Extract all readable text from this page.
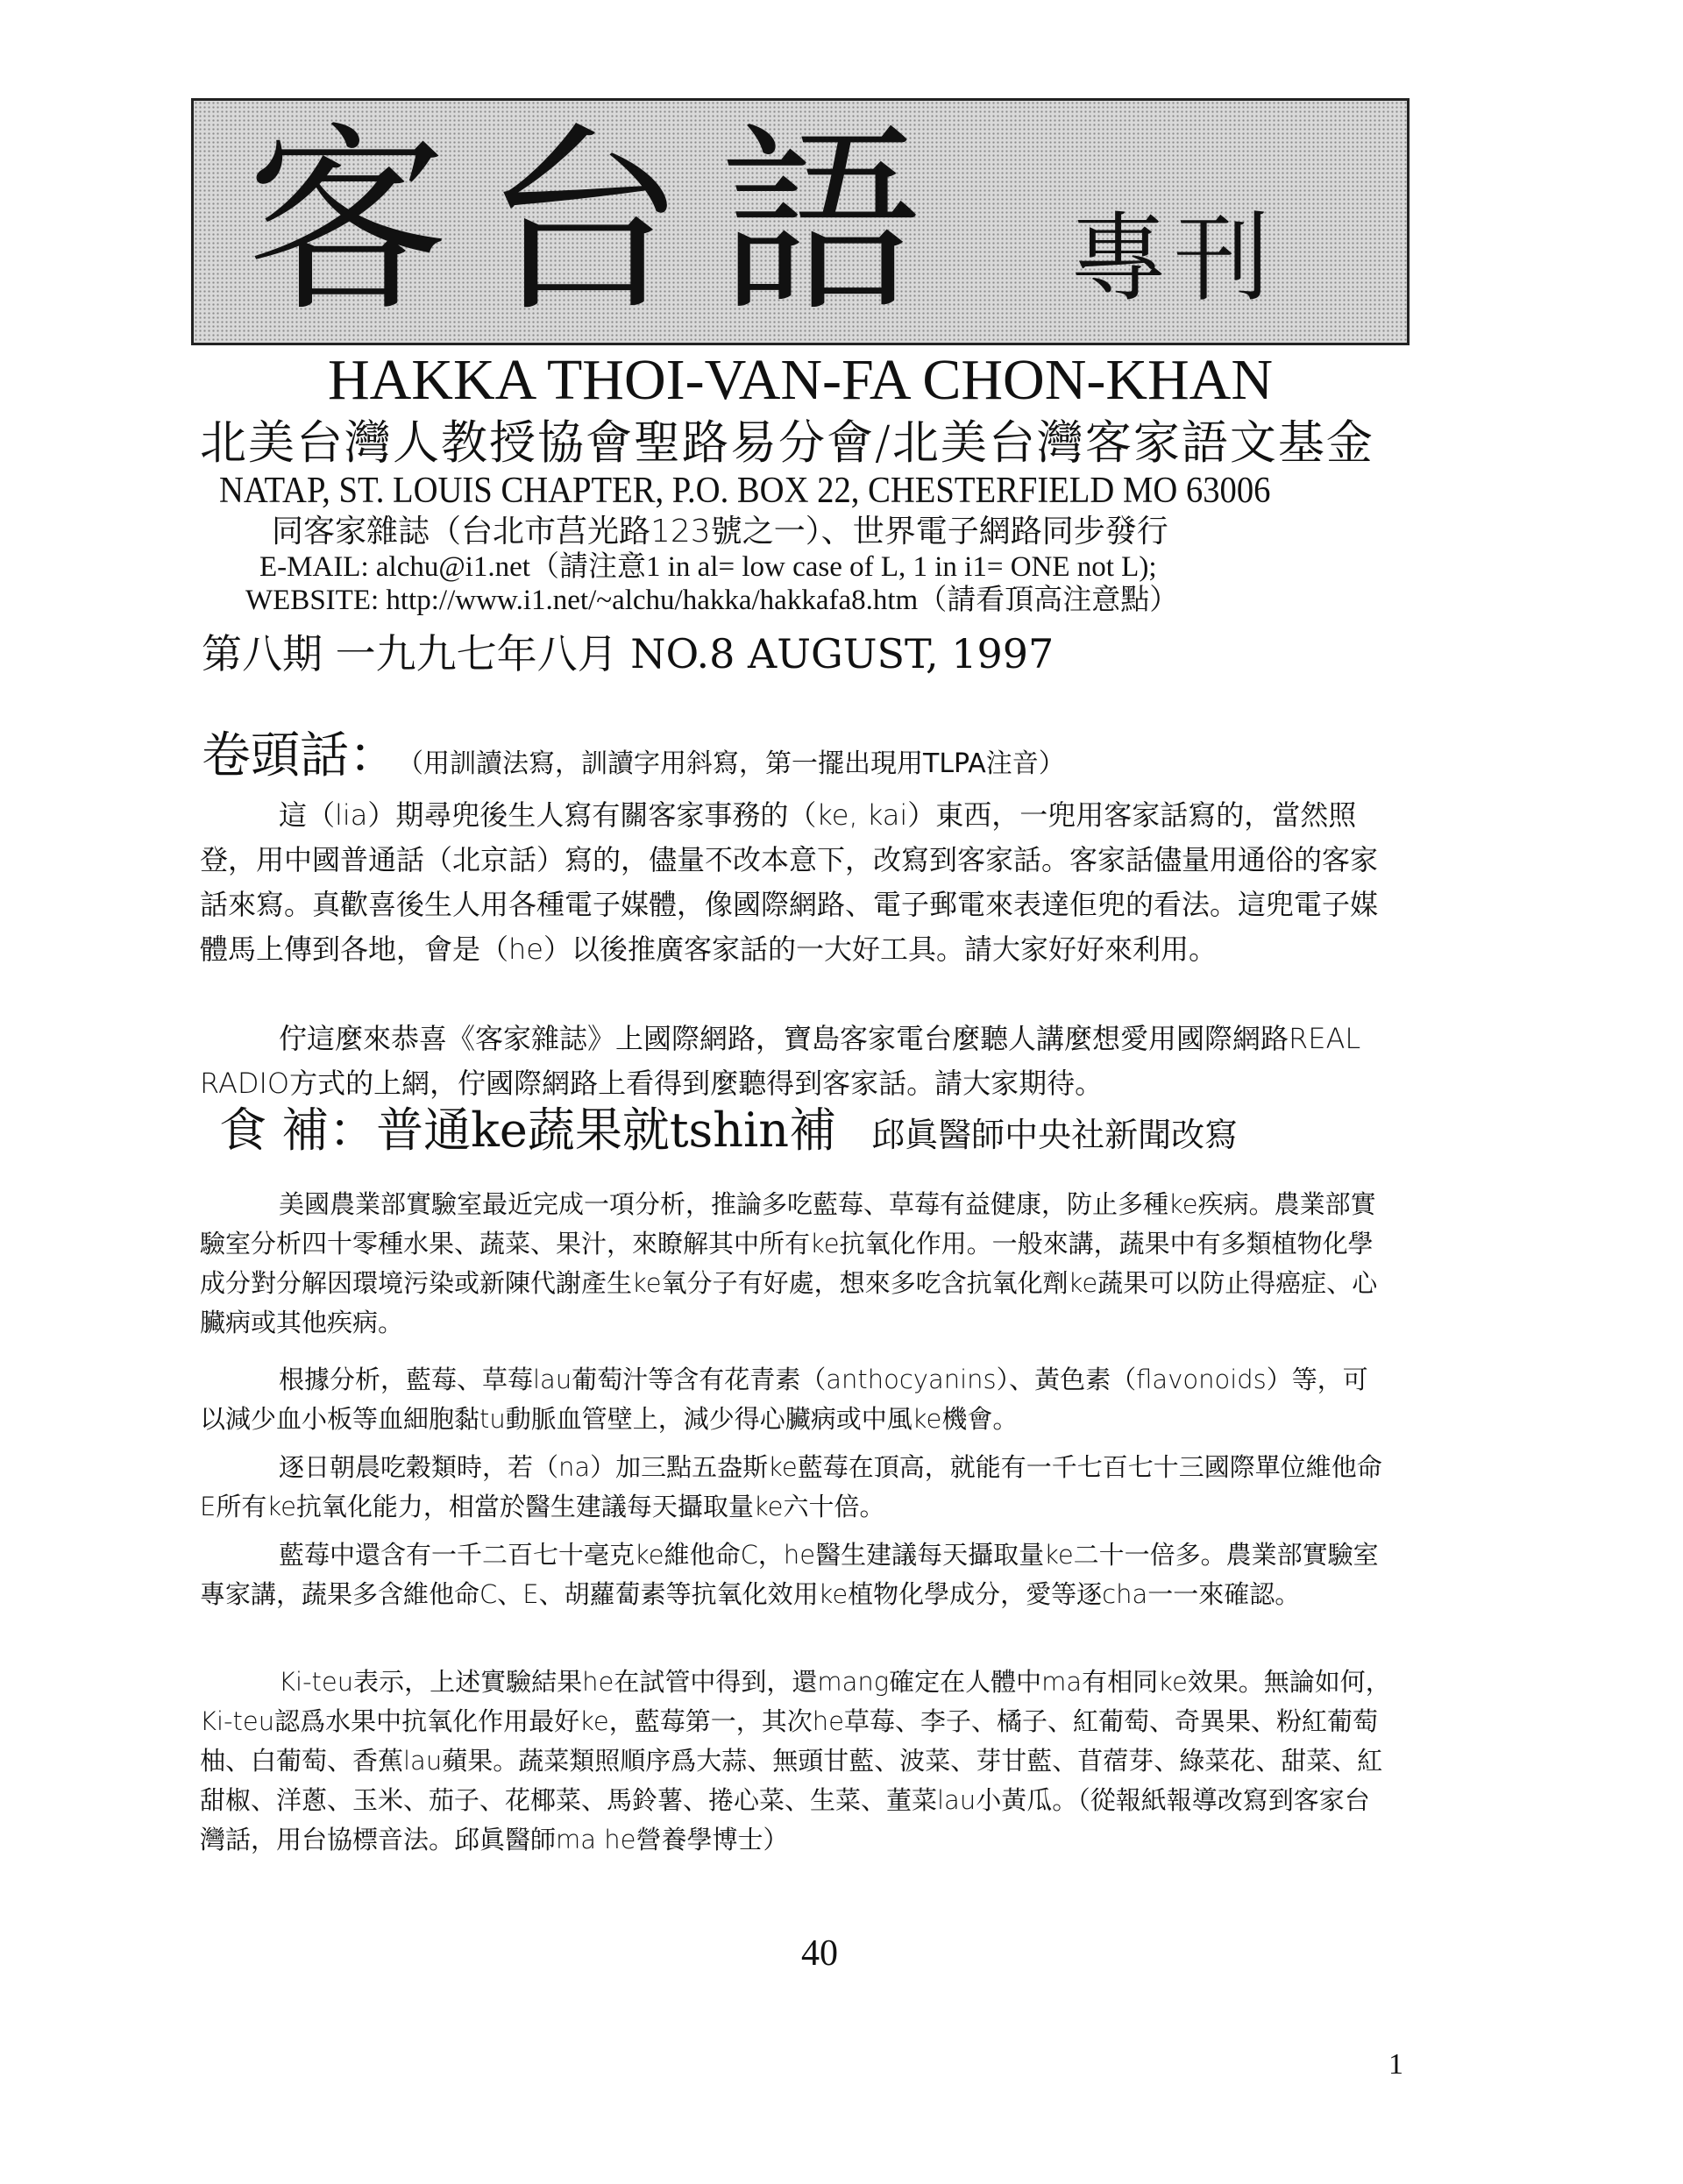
客台語 專刊
HAKKA THOI-VAN-FA CHON-KHAN
北美台灣人教授協會聖路易分會/北美台灣客家語文基金
NATAP, ST. LOUIS CHAPTER, P.O. BOX 22, CHESTERFIELD MO 63006
同客家雜誌（台北市莒光路123號之一）、世界電子網路同步發行
E-MAIL: alchu@i1.net（請注意1 in al= low case of L, 1 in i1= ONE not L);
WEBSITE: http://www.i1.net/~alchu/hakka/hakkafa8.htm（請看頂高注意點）
第八期 一九九七年八月 NO.8 AUGUST, 1997
卷頭話： （用訓讀法寫，訓讀字用斜寫，第一擺出現用TLPA注音）
這（lia）期尋兜後生人寫有關客家事務的（ke, kai）東西，一兜用客家話寫的，當然照登，用中國普通話（北京話）寫的，儘量不改本意下，改寫到客家話。客家話儘量用通俗的客家話來寫。真歡喜後生人用各種電子媒體，像國際網路、電子郵電來表達佢兜的看法。這兜電子媒體馬上傳到各地，會是（he）以後推廣客家話的一大好工具。請大家好好來利用。
佇這麼來恭喜《客家雜誌》上國際網路，寶島客家電台麼聽人講麼想愛用國際網路REAL RADIO方式的上網，佇國際網路上看得到麼聽得到客家話。請大家期待。
食 補：普通ke蔬果就tshin補 邱眞醫師中央社新聞改寫
美國農業部實驗室最近完成一項分析，推論多吃藍莓、草莓有益健康，防止多種ke疾病。農業部實驗室分析四十零種水果、蔬菜、果汁，來瞭解其中所有ke抗氧化作用。一般來講，蔬果中有多類植物化學成分對分解因環境污染或新陳代謝產生ke氧分子有好處，想來多吃含抗氧化劑ke蔬果可以防止得癌症、心臟病或其他疾病。
根據分析，藍莓、草莓lau葡萄汁等含有花青素（anthocyanins）、黃色素（flavonoids）等，可以減少血小板等血細胞黏tu動脈血管壁上，減少得心臟病或中風ke機會。
逐日朝晨吃穀類時，若（na）加三點五盎斯ke藍莓在頂高，就能有一千七百七十三國際單位維他命E所有ke抗氧化能力，相當於醫生建議每天攝取量ke六十倍。
藍莓中還含有一千二百七十毫克ke維他命C，he醫生建議每天攝取量ke二十一倍多。農業部實驗室專家講，蔬果多含維他命C、E、胡蘿蔔素等抗氧化效用ke植物化學成分，愛等逐cha一一來確認。
Ki-teu表示，上述實驗結果he在試管中得到，還mang確定在人體中ma有相同ke效果。無論如何，Ki-teu認爲水果中抗氧化作用最好ke，藍莓第一，其次he草莓、李子、橘子、紅葡萄、奇異果、粉紅葡萄柚、白葡萄、香蕉lau蘋果。蔬菜類照順序爲大蒜、無頭甘藍、波菜、芽甘藍、苜蓿芽、綠菜花、甜菜、紅甜椒、洋蔥、玉米、茄子、花椰菜、馬鈴薯、捲心菜、生菜、董菜lau小黃瓜。（從報紙報導改寫到客家台灣話，用台協標音法。邱眞醫師ma he營養學博士）
40
1
